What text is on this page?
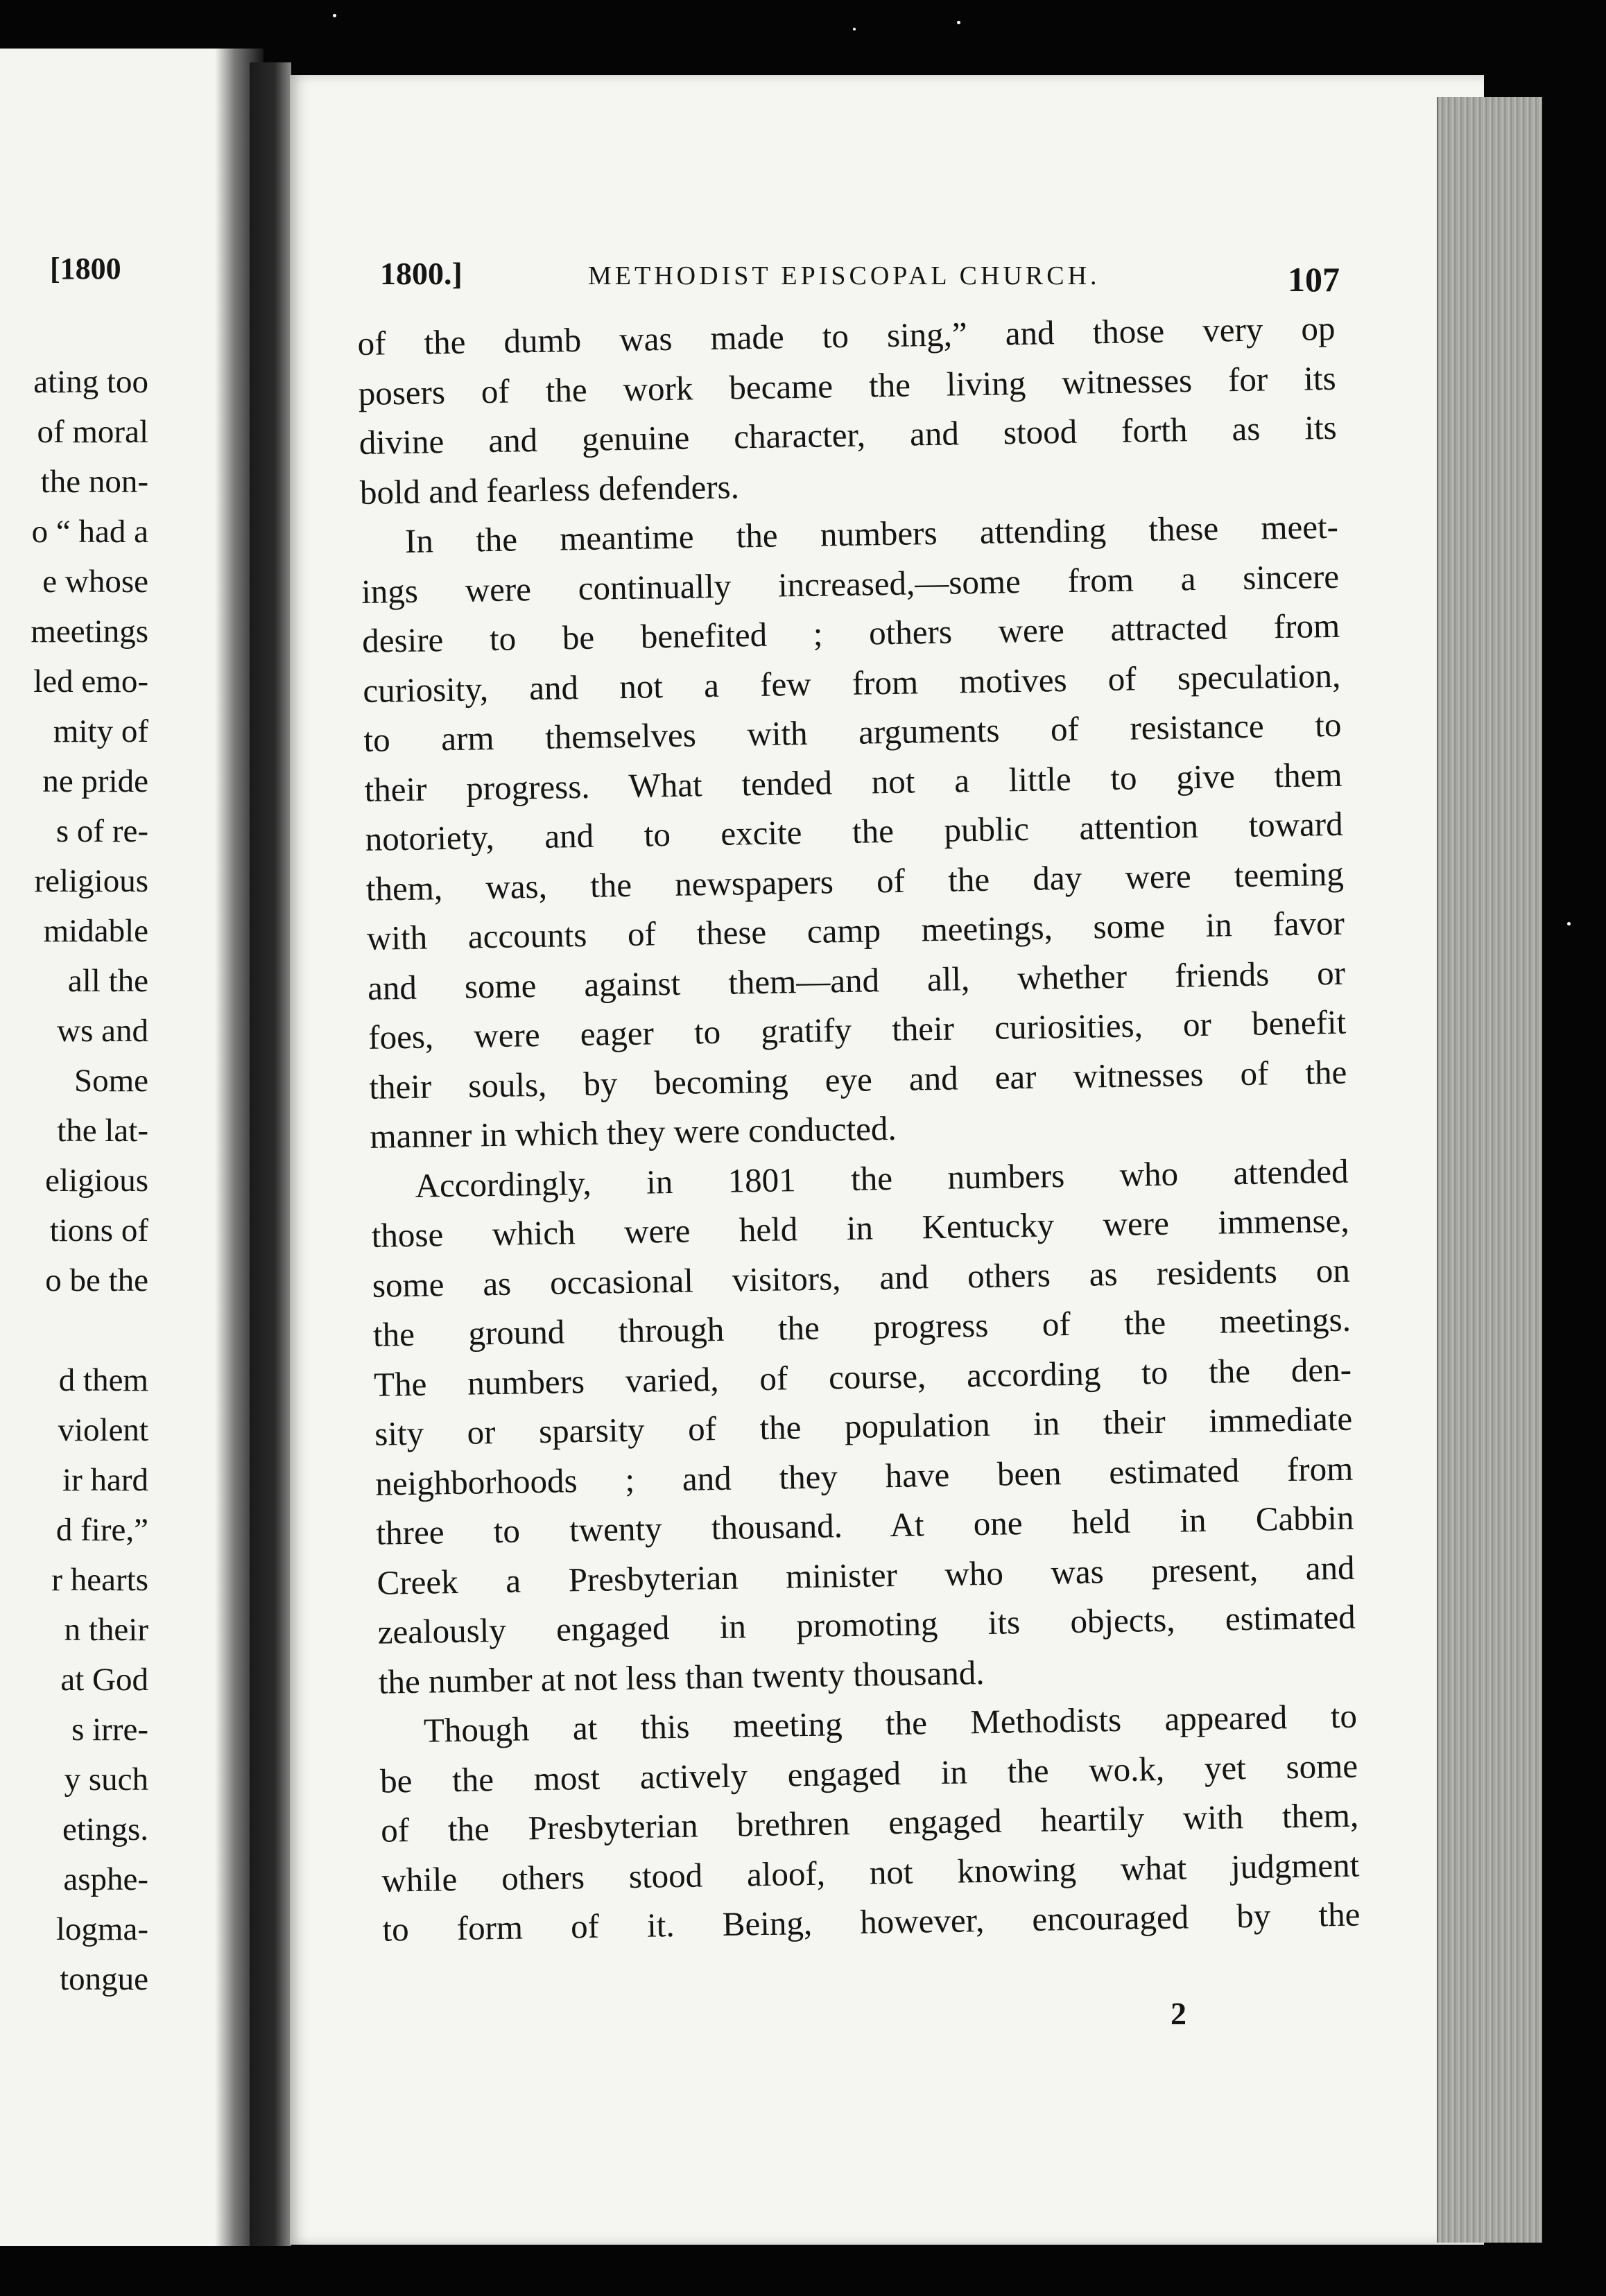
[1800
ating too
of moral
the non-
o “ had a
e whose
meetings
led emo-
mity of
ne pride
s of re-
religious
midable
all the
ws and
Some
the lat-
eligious
tions of
o be the
d them
violent
ir hard
d fire,”
r hearts
n their
at God
s irre-
y such
etings.
asphe-
logma-
tongue
1800.]	METHODIST EPISCOPAL CHURCH.	107
of the dumb was made to sing,” and those very op
posers of the work became the living witnesses for its
divine and genuine character, and stood forth as its
bold and fearless defenders.
In the meantime the numbers attending these meet-
ings were continually increased,—some from a sincere
desire to be benefited ; others were attracted from
curiosity, and not a few from motives of speculation,
to arm themselves with arguments of resistance to
their progress. What tended not a little to give them
notoriety, and to excite the public attention toward
them, was, the newspapers of the day were teeming
with accounts of these camp meetings, some in favor
and some against them—and all, whether friends or
foes, were eager to gratify their curiosities, or benefit
their souls, by becoming eye and ear witnesses of the
manner in which they were conducted.
Accordingly, in 1801 the numbers who attended
those which were held in Kentucky were immense,
some as occasional visitors, and others as residents on
the ground through the progress of the meetings.
The numbers varied, of course, according to the den-
sity or sparsity of the population in their immediate
neighborhoods ; and they have been estimated from
three to twenty thousand. At one held in Cabbin
Creek a Presbyterian minister who was present, and
zealously engaged in promoting its objects, estimated
the number at not less than twenty thousand.
Though at this meeting the Methodists appeared to
be the most actively engaged in the wo.k, yet some
of the Presbyterian brethren engaged heartily with them,
while others stood aloof, not knowing what judgment
to form of it. Being, however, encouraged by the
2
